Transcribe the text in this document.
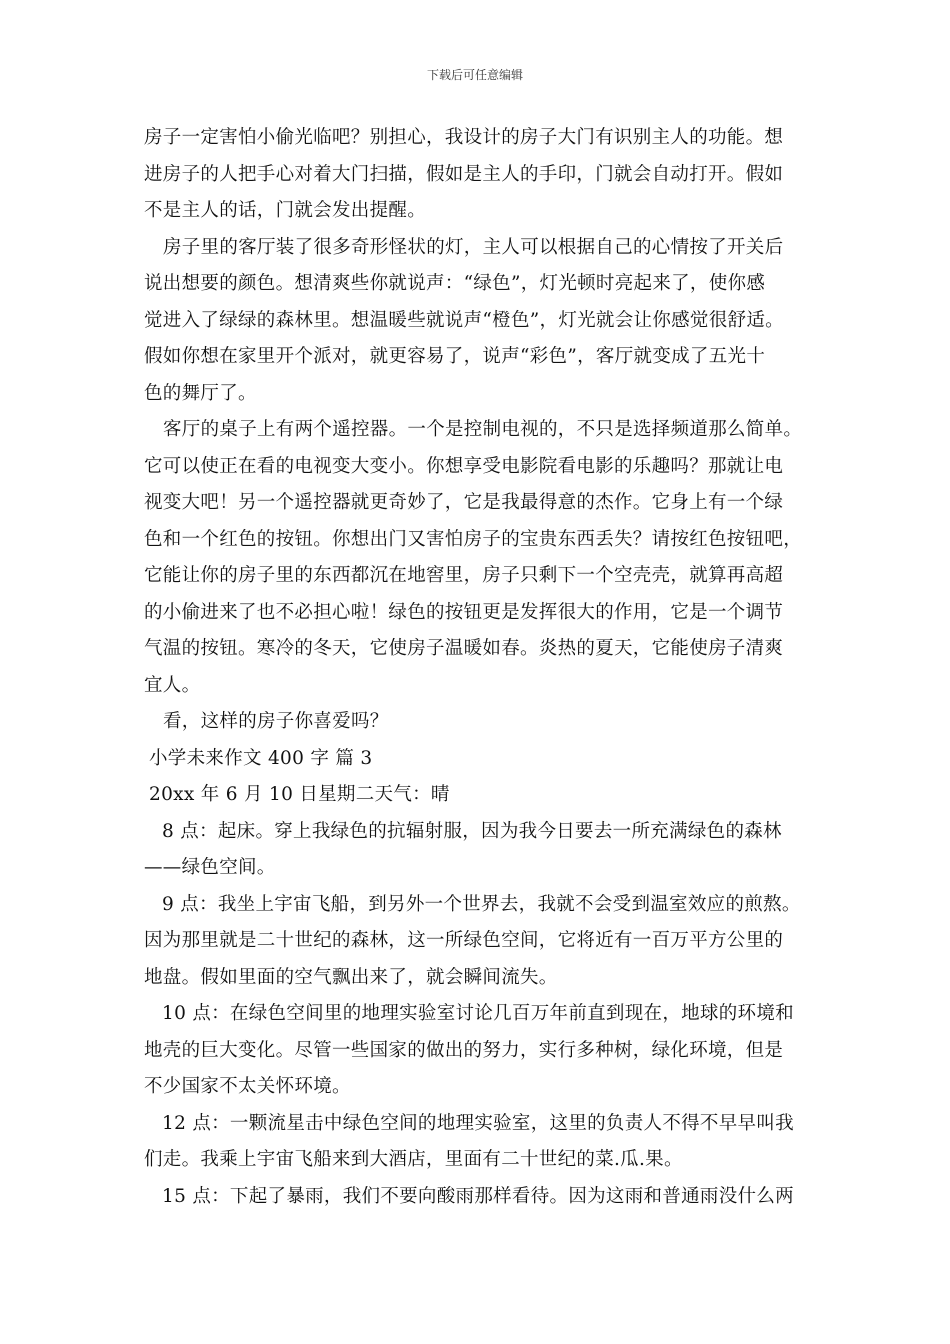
下载后可任意编辑
房子一定害怕小偷光临吧？别担心，我设计的房子大门有识别主人的功能。想
进房子的人把手心对着大门扫描，假如是主人的手印，门就会自动打开。假如
不是主人的话，门就会发出提醒。
房子里的客厅装了很多奇形怪状的灯，主人可以根据自己的心情按了开关后
说出想要的颜色。想清爽些你就说声：“绿色”，灯光顿时亮起来了，使你感
觉进入了绿绿的森林里。想温暖些就说声“橙色”，灯光就会让你感觉很舒适。
假如你想在家里开个派对，就更容易了，说声“彩色”，客厅就变成了五光十
色的舞厅了。
客厅的桌子上有两个遥控器。一个是控制电视的，不只是选择频道那么简单。
它可以使正在看的电视变大变小。你想享受电影院看电影的乐趣吗？那就让电
视变大吧！另一个遥控器就更奇妙了，它是我最得意的杰作。它身上有一个绿
色和一个红色的按钮。你想出门又害怕房子的宝贵东西丢失？请按红色按钮吧，
它能让你的房子里的东西都沉在地窖里，房子只剩下一个空壳壳，就算再高超
的小偷进来了也不必担心啦！绿色的按钮更是发挥很大的作用，它是一个调节
气温的按钮。寒冷的冬天，它使房子温暖如春。炎热的夏天，它能使房子清爽
宜人。
看，这样的房子你喜爱吗？
小学未来作文 400 字 篇 3
20xx 年 6 月 10 日星期二天气：晴
8 点：起床。穿上我绿色的抗辐射服，因为我今日要去一所充满绿色的森林
——绿色空间。
9 点：我坐上宇宙飞船，到另外一个世界去，我就不会受到温室效应的煎熬。
因为那里就是二十世纪的森林，这一所绿色空间，它将近有一百万平方公里的
地盘。假如里面的空气飘出来了，就会瞬间流失。
10 点：在绿色空间里的地理实验室讨论几百万年前直到现在，地球的环境和
地壳的巨大变化。尽管一些国家的做出的努力，实行多种树，绿化环境，但是
不少国家不太关怀环境。
12 点：一颗流星击中绿色空间的地理实验室，这里的负责人不得不早早叫我
们走。我乘上宇宙飞船来到大酒店，里面有二十世纪的菜.瓜.果。
15 点：下起了暴雨，我们不要向酸雨那样看待。因为这雨和普通雨没什么两
